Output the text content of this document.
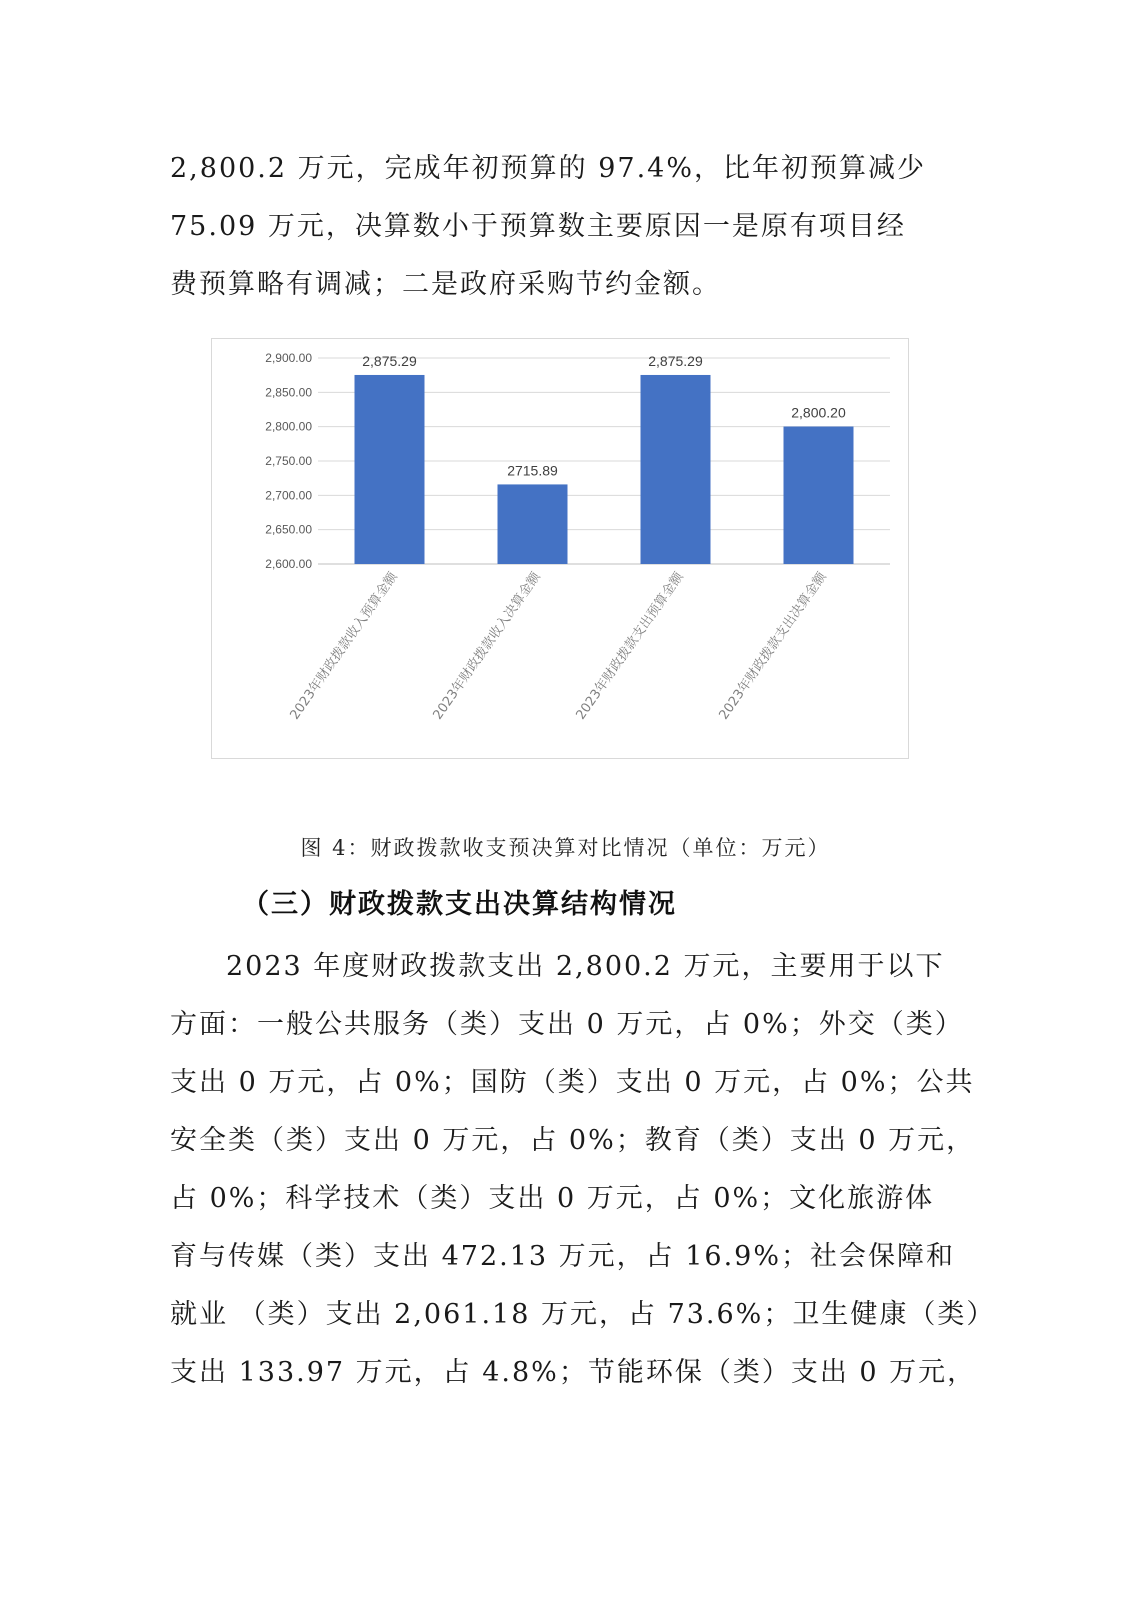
2,800.2 万元，完成年初预算的 97.4%，比年初预算减少
75.09 万元，决算数小于预算数主要原因一是原有项目经
费预算略有调减；二是政府采购节约金额。
2,600.00
2,650.00
2,700.00
2,750.00
2,800.00
2,850.00
2,900.00	2,875.29
2023年财政拨款收入预算金额
2715.89
2023年财政拨款收入决算金额
2,875.29
2023年财政拨款支出预算金额
2,800.20
2023年财政拨款支出决算金额
图 4：财政拨款收支预决算对比情况（单位：万元）
（三）财政拨款支出决算结构情况
2023 年度财政拨款支出 2,800.2 万元，主要用于以下
方面：一般公共服务（类）支出 0 万元，占 0%；外交（类）
支出 0 万元，占 0%；国防（类）支出 0 万元，占 0%；公共
安全类（类）支出 0 万元，占 0%；教育（类）支出 0 万元，
占 0%；科学技术（类）支出 0 万元，占 0%；文化旅游体
育与传媒（类）支出 472.13 万元，占 16.9%；社会保障和
就业 （类）支出 2,061.18 万元，占 73.6%；卫生健康（类）
支出 133.97 万元，占 4.8%；节能环保（类）支出 0 万元，
